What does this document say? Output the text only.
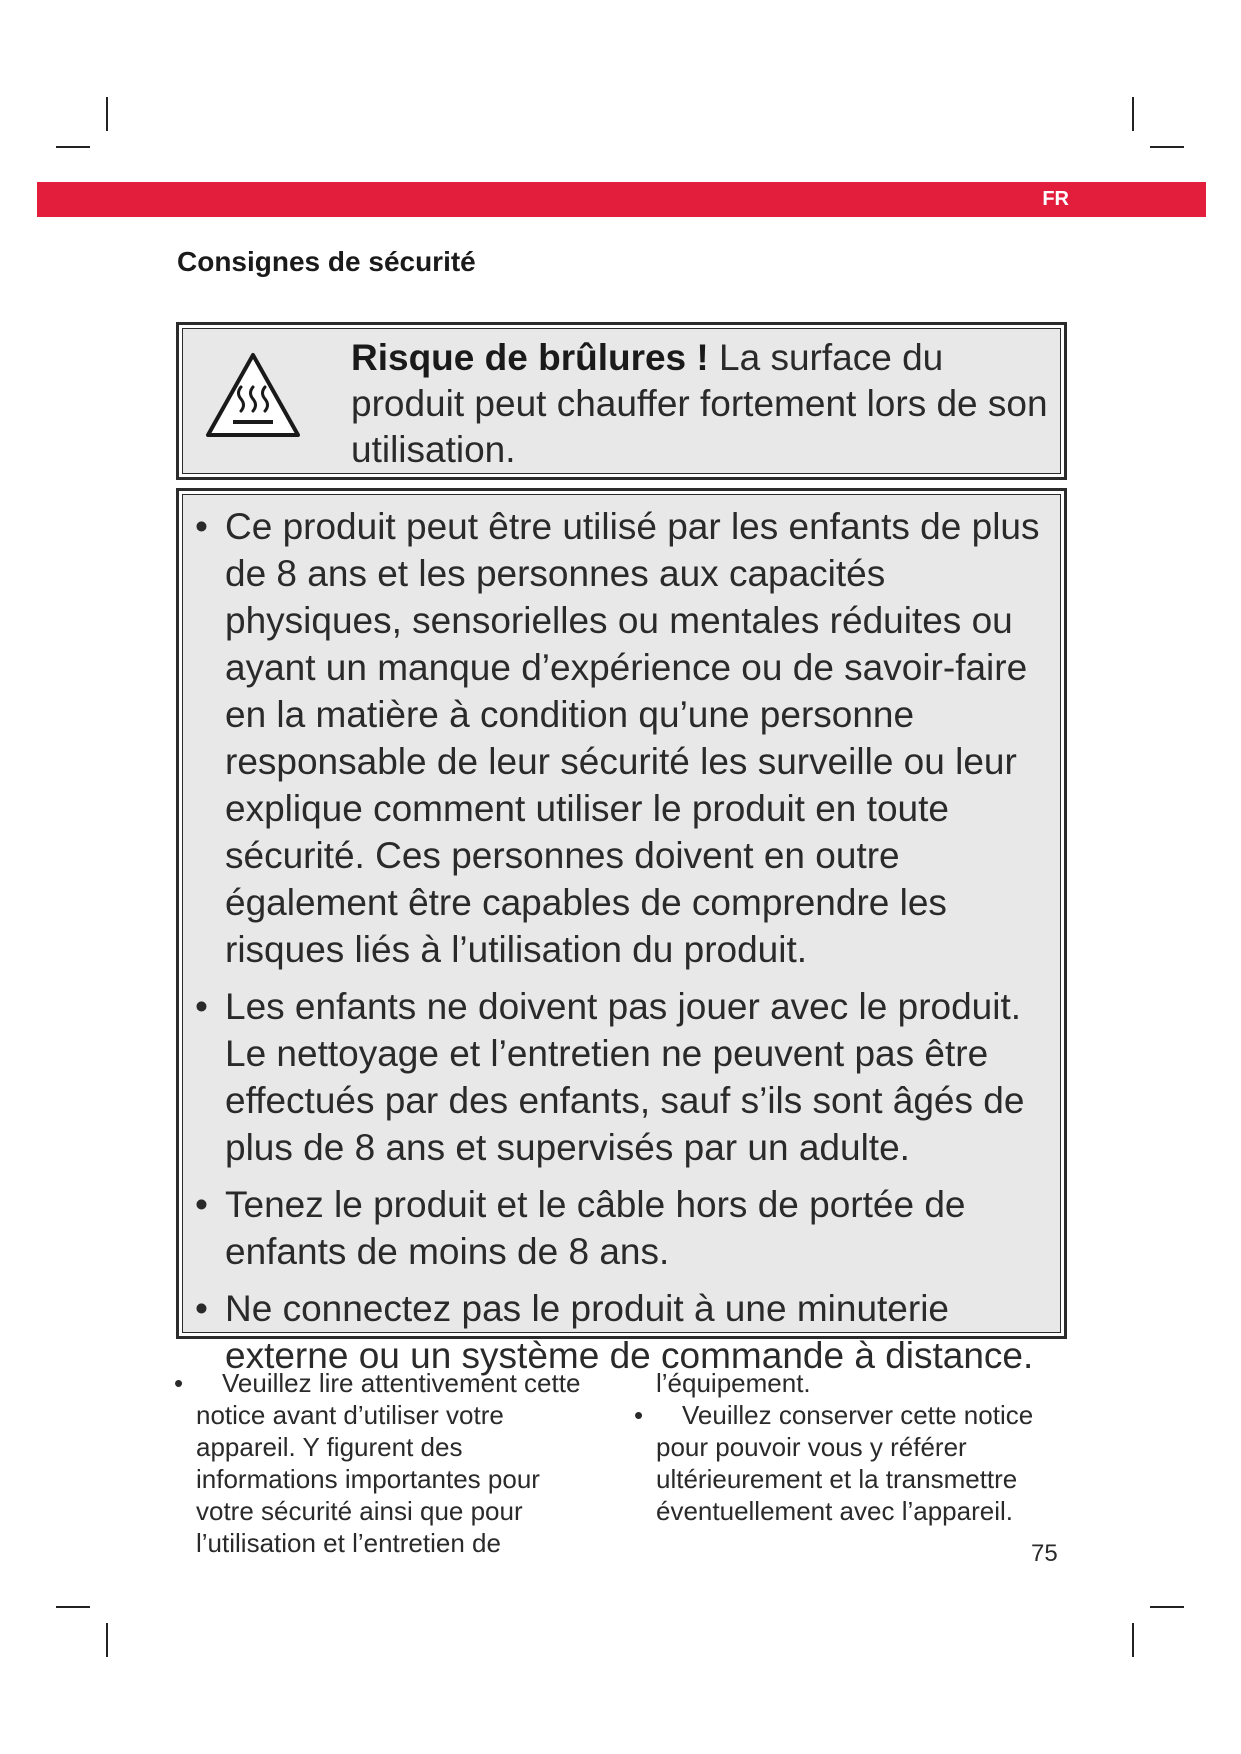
FR
Consignes de sécurité
Risque de brûlures ! La surface du produit peut chauffer fortement lors de son utilisation.
• Ce produit peut être utilisé par les enfants de plus de 8 ans et les personnes aux capacités physiques, sensorielles ou mentales réduites ou ayant un manque d’expérience ou de savoir-faire en la matière à condition qu’une personne responsable de leur sécurité les surveille ou leur explique comment utiliser le produit en toute sécurité. Ces personnes doivent en outre également être capables de comprendre les risques liés à l’utilisation du produit.
• Les enfants ne doivent pas jouer avec le produit. Le nettoyage et l’entretien ne peuvent pas être effectués par des enfants, sauf s’ils sont âgés de plus de 8 ans et supervisés par un adulte.
• Tenez le produit et le câble hors de portée de enfants de moins de 8 ans.
• Ne connectez pas le produit à une minuterie externe ou un système de commande à distance.
• Veuillez lire attentivement cette notice avant d’utiliser votre appareil. Y figurent des informations importantes pour votre sécurité ainsi que pour l’utilisation et l’entretien de
l’équipement.
• Veuillez conserver cette notice pour pouvoir vous y référer ultérieurement et la transmettre éventuellement avec l’appareil.
75
